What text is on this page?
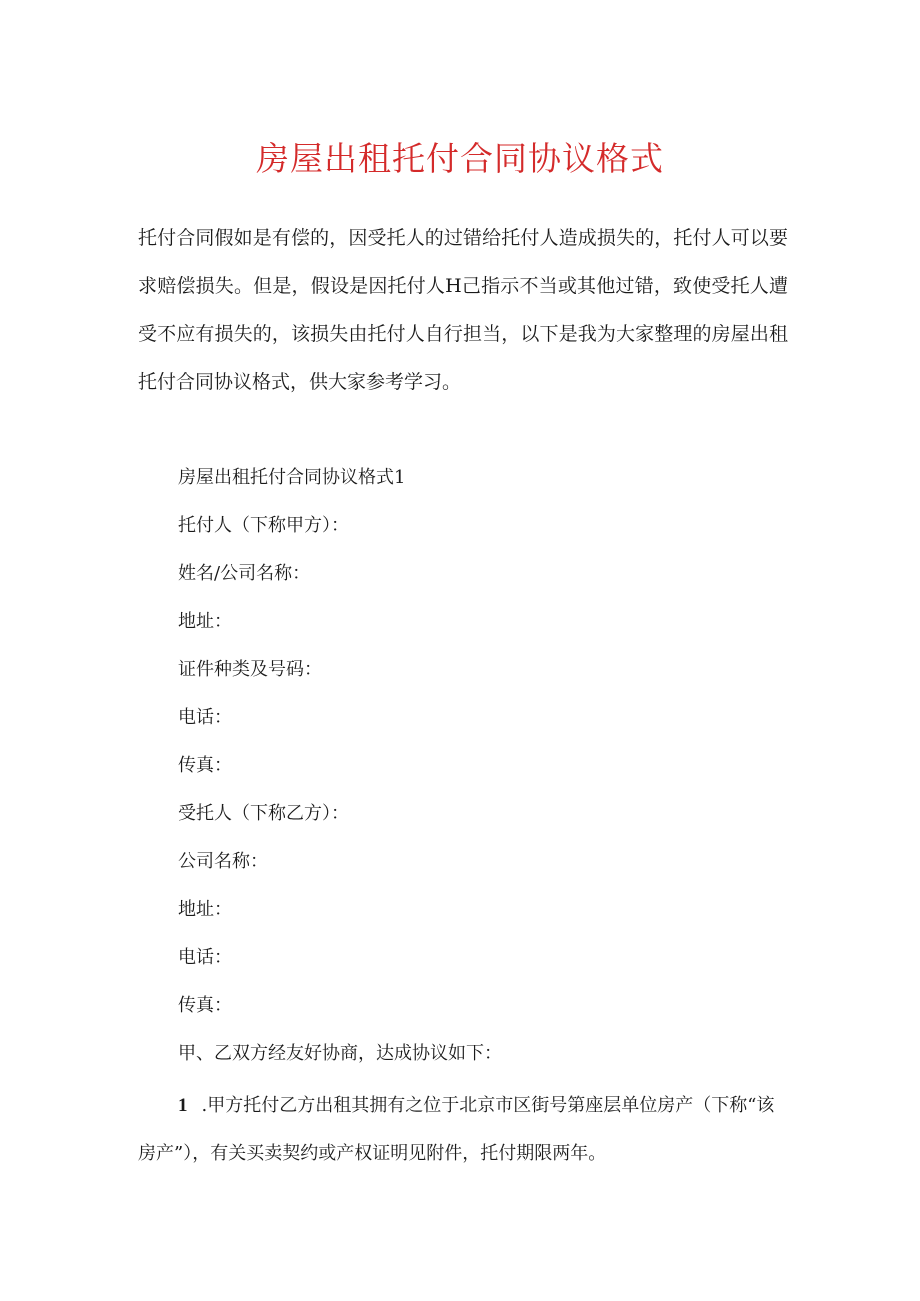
房屋出租托付合同协议格式
托付合同假如是有偿的，因受托人的过错给托付人造成损失的，托付人可以要求赔偿损失。但是，假设是因托付人H己指示不当或其他过错，致使受托人遭受不应有损失的，该损失由托付人自行担当，以下是我为大家整理的房屋出租托付合同协议格式，供大家参考学习。
房屋出租托付合同协议格式1
托付人（下称甲方）：
姓名/公司名称：
地址：
证件种类及号码：
电话：
传真：
受托人（下称乙方）：
公司名称：
地址：
电话：
传真：
甲、乙双方经友好协商，达成协议如下：
1 .甲方托付乙方出租其拥有之位于北京市区街号第座层单位房产（下称“该房产”），有关买卖契约或产权证明见附件，托付期限两年。
